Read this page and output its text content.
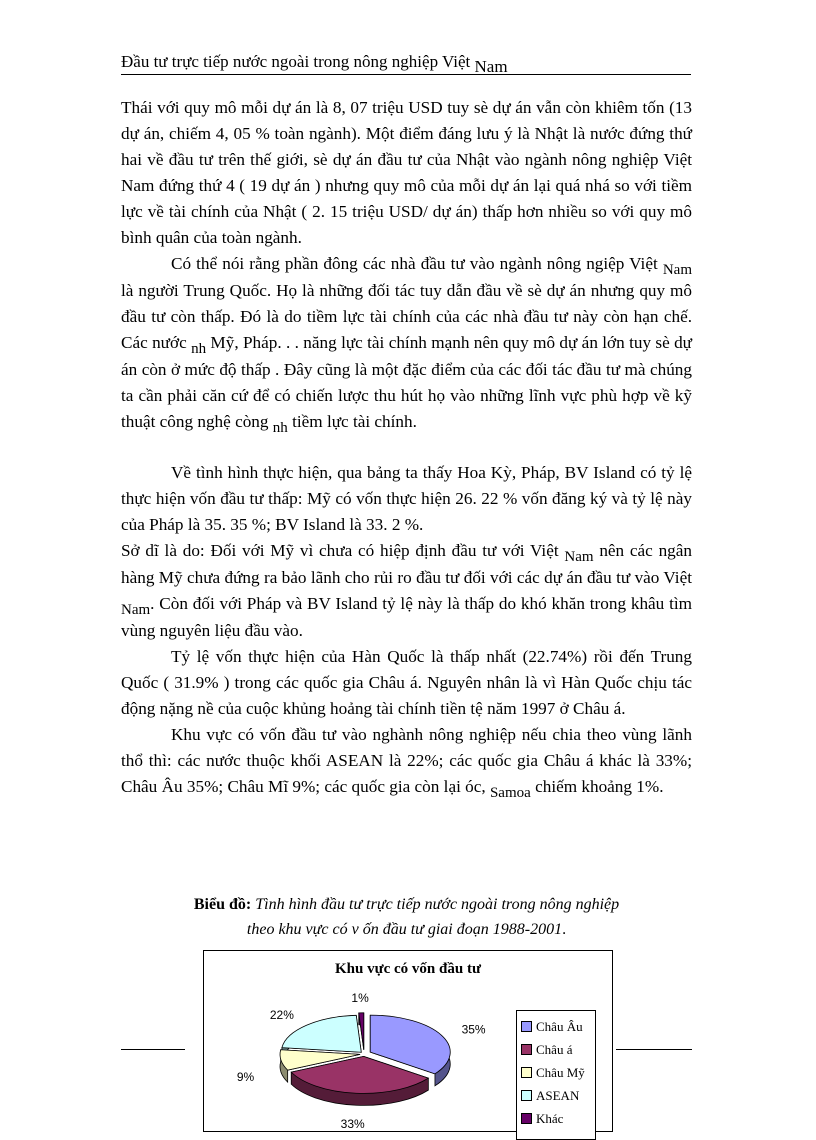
Đầu tư trực tiếp nước ngoài trong nông nghiệp Việt Nam

Thái với quy mô mỗi dự án là 8, 07 triệu USD tuy sè dự án vẫn còn khiêm tốn (13 dự án, chiếm 4, 05 % toàn ngành). Một điểm đáng lưu ý là Nhật là nước đứng thứ hai về đầu tư trên thế giới, sè dự án đầu tư của Nhật vào ngành nông nghiệp Việt Nam đứng thứ 4 ( 19 dự án ) nhưng quy mô của mỗi dự án lại quá nhá so với tiềm lực về tài chính của Nhật ( 2. 15 triệu USD/ dự án) thấp hơn nhiều so với quy mô bình quân của toàn ngành.

Có thể nói rằng phần đông các nhà đầu tư vào ngành nông ngiệp Việt Nam là người Trung Quốc. Họ là những đối tác tuy dẫn đầu về sè dự án nhưng quy mô đầu tư còn thấp. Đó là do tiềm lực tài chính của các nhà đầu tư này còn hạn chế. Các nước nh Mỹ, Pháp. . . năng lực tài chính mạnh nên quy mô dự án lớn tuy sè dự án còn ở mức độ thấp . Đây cũng là một đặc điểm của các đối tác đầu tư mà chúng ta cần phải căn cứ để có chiến lược thu hút họ vào những lĩnh vực phù hợp về kỹ thuật công nghệ còng nh tiềm lực tài chính.

Về tình hình thực hiện, qua bảng ta thấy Hoa Kỳ, Pháp, BV Island có tỷ lệ thực hiện vốn đầu tư thấp: Mỹ có vốn thực hiện 26. 22 % vốn đăng ký và tỷ lệ này của Pháp là 35. 35 %; BV Island là 33. 2 %.

Sở dĩ là do: Đối với Mỹ vì chưa có hiệp định đầu tư với Việt Nam nên các ngân hàng Mỹ chưa đứng ra bảo lãnh cho rủi ro đầu tư đối với các dự án đầu tư vào Việt Nam. Còn đối với Pháp và BV Island tỷ lệ này là thấp do khó khăn trong khâu tìm vùng nguyên liệu đầu vào.

Tỷ lệ vốn thực hiện của Hàn Quốc là thấp nhất (22.74%) rồi đến Trung Quốc ( 31.9% ) trong các quốc gia Châu á. Nguyên nhân là vì Hàn Quốc chịu tác động nặng nề của cuộc khủng hoảng tài chính tiền tệ năm 1997 ở Châu á.

Khu vực có vốn đầu tư vào nghành nông nghiệp nếu chia theo vùng lãnh thổ thì: các nước thuộc khối ASEAN là 22%; các quốc gia Châu á khác là 33%; Châu Âu 35%; Châu Mĩ 9%; các quốc gia còn lại óc, Samoa chiếm khoảng 1%.

Biểu đồ: Tình hình đầu tư trực tiếp nước ngoài trong nông nghiệp
theo khu vực có v ốn đầu tư giai đoạn 1988-2001.
Khu vực có vốn đầu tư
35%
33%
9%
22%
1%
Châu Âu
Châu á
Châu Mỹ
ASEAN
Khác
